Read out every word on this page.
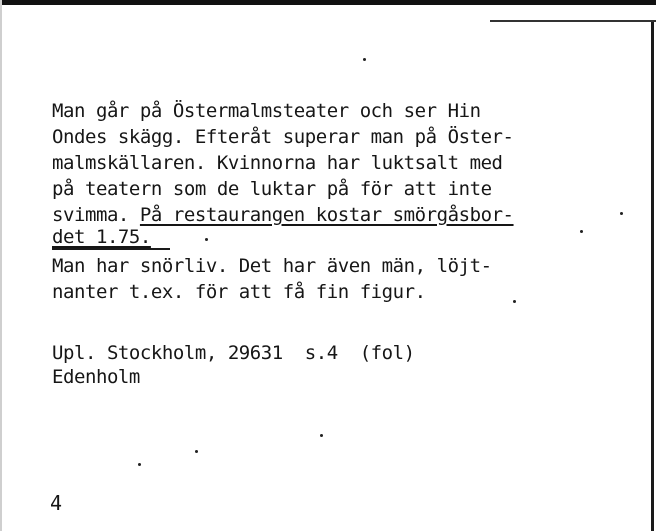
Man går på Östermalmsteater och ser Hin
Ondes skägg. Efteråt superar man på Öster-
malmskällaren. Kvinnorna har luktsalt med
på teatern som de luktar på för att inte
svimma. På restaurangen kostar smörgåsbor-
det 1.75.
Man har snörliv. Det har även män, löjt-
nanter t.ex. för att få fin figur.
Upl. Stockholm, 29631  s.4  (fol)
Edenholm
4
